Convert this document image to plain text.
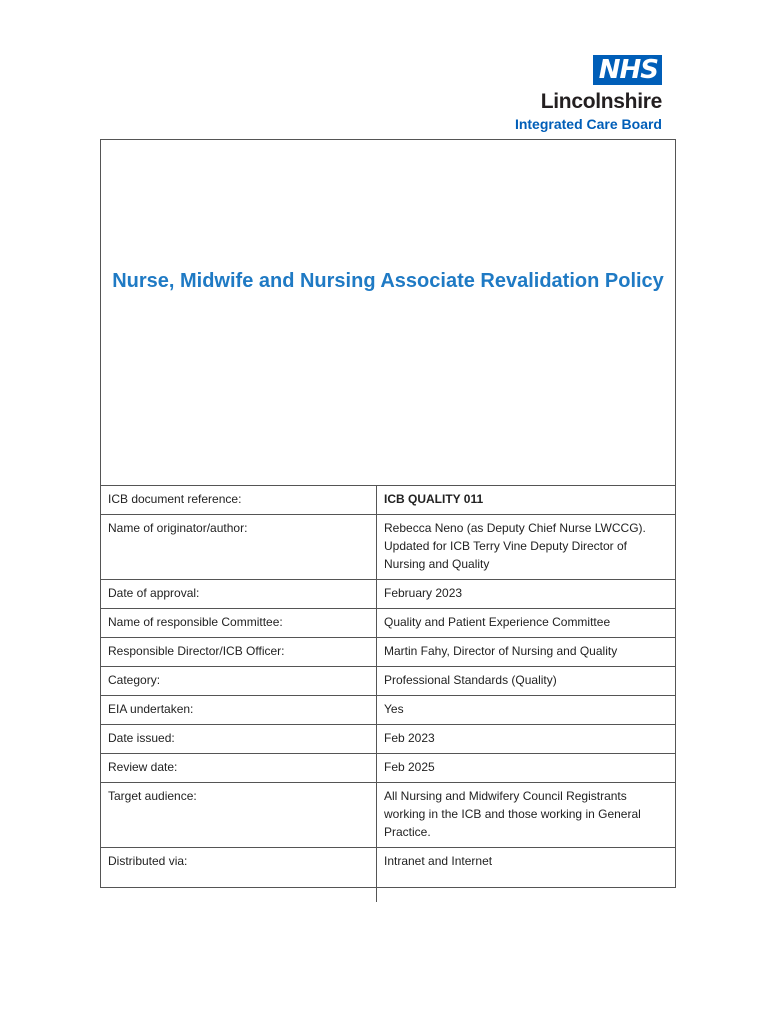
NHS
Lincolnshire
Integrated Care Board
Nurse, Midwife and Nursing Associate Revalidation Policy
ICB document reference:	ICB QUALITY 011
Name of originator/author:	Rebecca Neno (as Deputy Chief Nurse LWCCG). Updated for ICB Terry Vine Deputy Director of Nursing and Quality
Date of approval:	February 2023
Name of responsible Committee:	Quality and Patient Experience Committee
Responsible Director/ICB Officer:	Martin Fahy, Director of Nursing and Quality
Category:	Professional Standards (Quality)
EIA undertaken:	Yes
Date issued:	Feb 2023
Review date:	Feb 2025
Target audience:	All Nursing and Midwifery Council Registrants working in the ICB and those working in General Practice.
Distributed via:	Intranet and Internet
